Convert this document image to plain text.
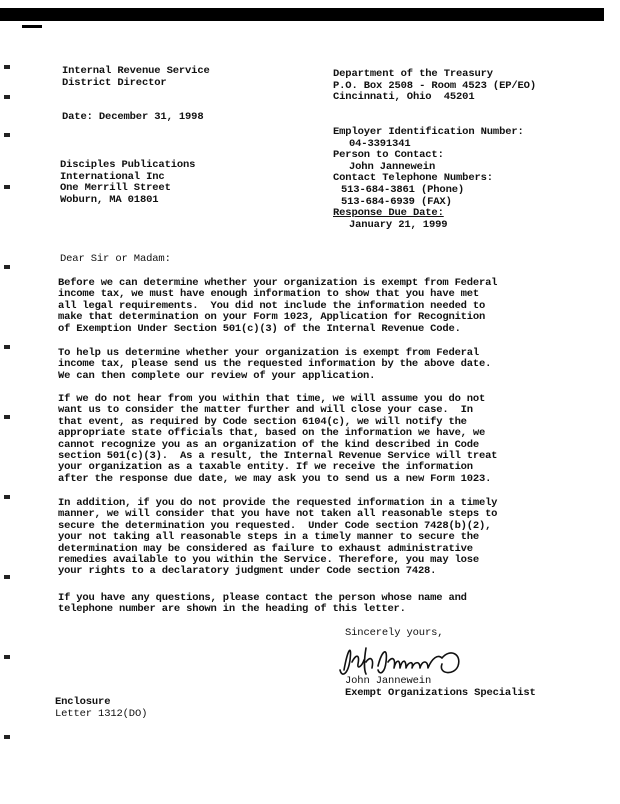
Internal Revenue Service
District Director
Department of the Treasury
P.O. Box 2508 - Room 4523 (EP/EO)
Cincinnati, Ohio  45201
Date: December 31, 1998
Employer Identification Number:
04-3391341
Person to Contact:
John Jannewein
Contact Telephone Numbers:
513-684-3861 (Phone)
513-684-6939 (FAX)
Response Due Date:
January 21, 1999
Disciples Publications
International Inc
One Merrill Street
Woburn, MA 01801
Dear Sir or Madam:
Before we can determine whether your organization is exempt from Federal
income tax, we must have enough information to show that you have met
all legal requirements.  You did not include the information needed to
make that determination on your Form 1023, Application for Recognition
of Exemption Under Section 501(c)(3) of the Internal Revenue Code.
To help us determine whether your organization is exempt from Federal
income tax, please send us the requested information by the above date.
We can then complete our review of your application.
If we do not hear from you within that time, we will assume you do not
want us to consider the matter further and will close your case.  In
that event, as required by Code section 6104(c), we will notify the
appropriate state officials that, based on the information we have, we
cannot recognize you as an organization of the kind described in Code
section 501(c)(3).  As a result, the Internal Revenue Service will treat
your organization as a taxable entity. If we receive the information
after the response due date, we may ask you to send us a new Form 1023.
In addition, if you do not provide the requested information in a timely
manner, we will consider that you have not taken all reasonable steps to
secure the determination you requested.  Under Code section 7428(b)(2),
your not taking all reasonable steps in a timely manner to secure the
determination may be considered as failure to exhaust administrative
remedies available to you within the Service. Therefore, you may lose
your rights to a declaratory judgment under Code section 7428.
If you have any questions, please contact the person whose name and
telephone number are shown in the heading of this letter.
Sincerely yours,
John Jannewein
Exempt Organizations Specialist
Enclosure
Letter 1312(DO)
